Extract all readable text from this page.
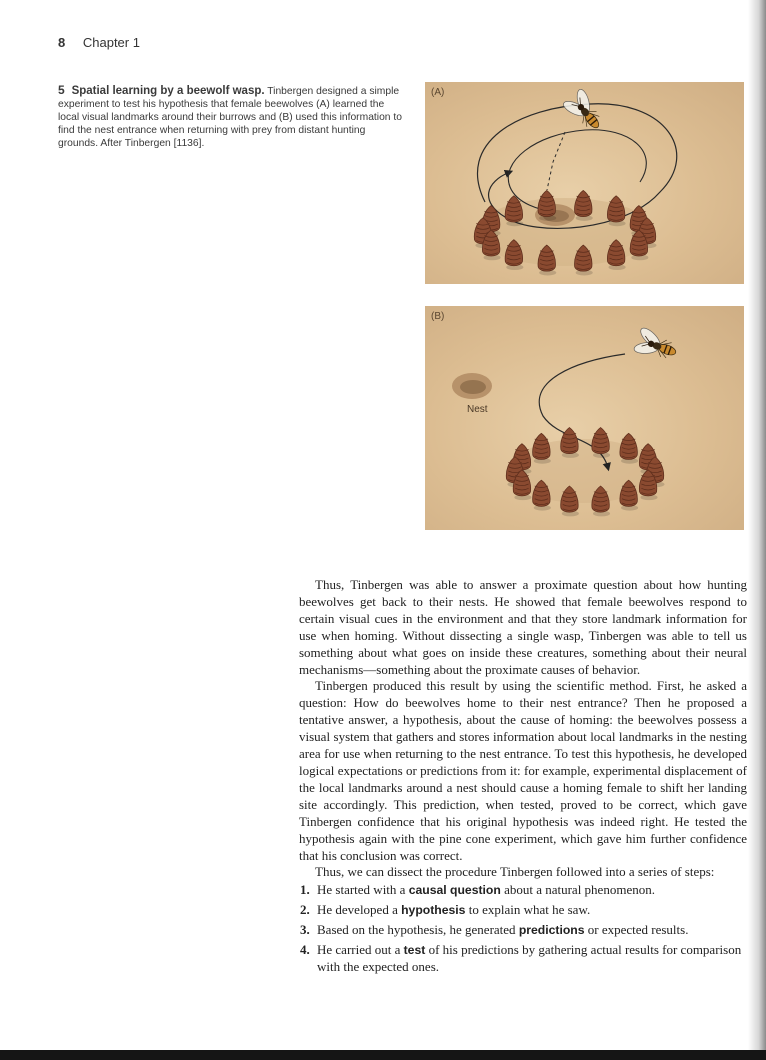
8 Chapter 1
5 Spatial learning by a beewolf wasp. Tinbergen designed a simple experiment to test his hypothesis that female beewolves (A) learned the local visual landmarks around their burrows and (B) used this information to find the nest entrance when returning with prey from distant hunting grounds. After Tinbergen [1136].
(A)
(B)
Nest

Thus, Tinbergen was able to answer a proximate question about how hunting beewolves get back to their nests. He showed that female beewolves respond to certain visual cues in the environment and that they store landmark information for use when homing. Without dissecting a single wasp, Tinbergen was able to tell us something about what goes on inside these creatures, something about their neural mechanisms—something about the proximate causes of behavior.

Tinbergen produced this result by using the scientific method. First, he asked a question: How do beewolves home to their nest entrance? Then he proposed a tentative answer, a hypothesis, about the cause of homing: the beewolves possess a visual system that gathers and stores information about local landmarks in the nesting area for use when returning to the nest entrance. To test this hypothesis, he developed logical expectations or predictions from it: for example, experimental displacement of the local landmarks around a nest should cause a homing female to shift her landing site accordingly. This prediction, when tested, proved to be correct, which gave Tinbergen confidence that his original hypothesis was indeed right. He tested the hypothesis again with the pine cone experiment, which gave him further confidence that his conclusion was correct.

Thus, we can dissect the procedure Tinbergen followed into a series of steps:

1. He started with a causal question about a natural phenomenon.
2. He developed a hypothesis to explain what he saw.
3. Based on the hypothesis, he generated predictions or expected results.
4. He carried out a test of his predictions by gathering actual results for comparison with the expected ones.
